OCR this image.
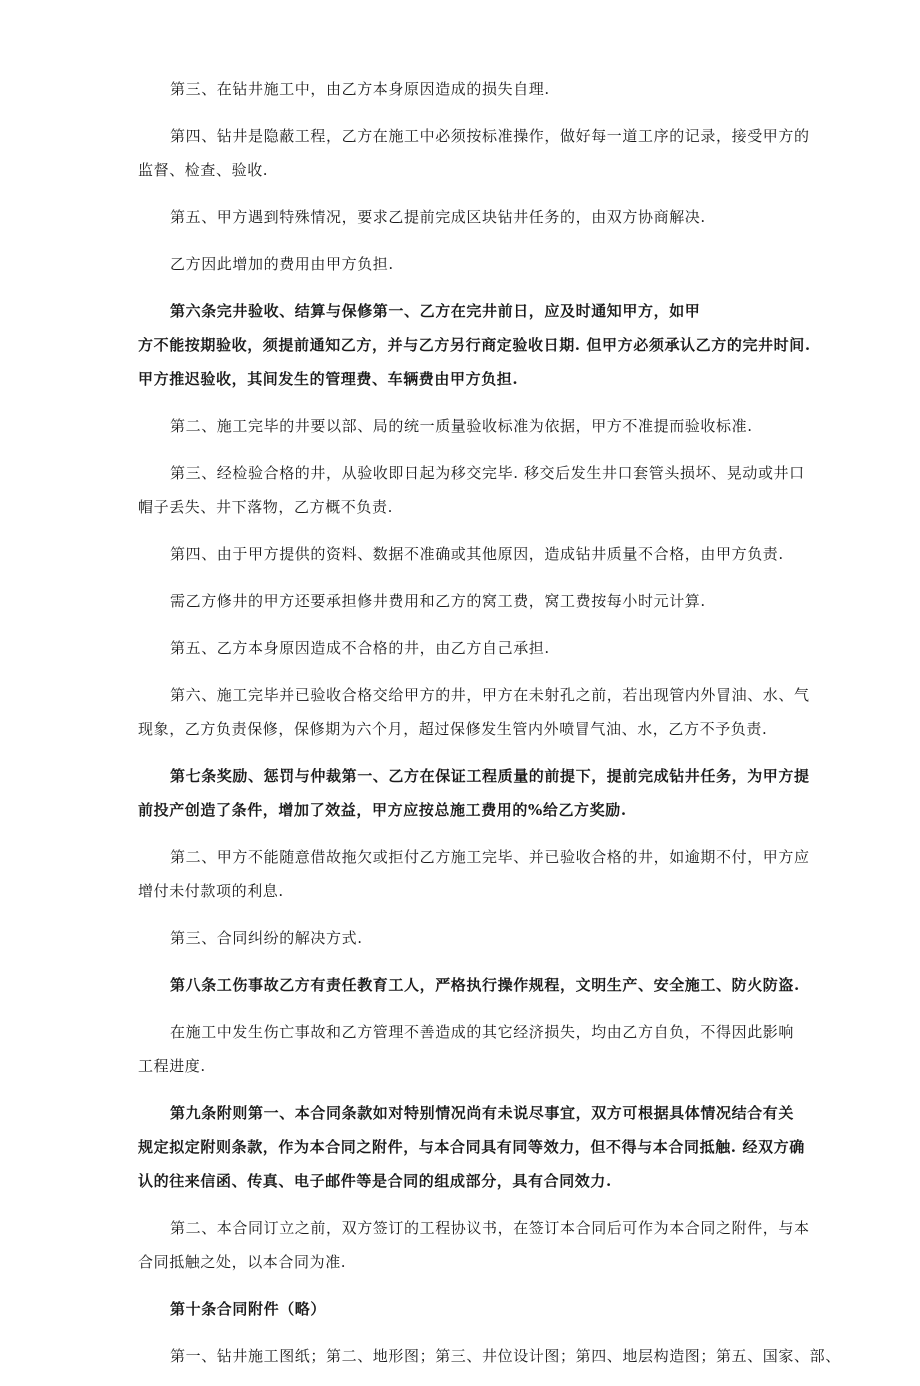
第三、在钻井施工中，由乙方本身原因造成的损失自理.
第四、钻井是隐蔽工程，乙方在施工中必须按标准操作，做好每一道工序的记录，接受甲方的
监督、检查、验收.
第五、甲方遇到特殊情况，要求乙提前完成区块钻井任务的，由双方协商解决.
乙方因此增加的费用由甲方负担.
第六条完井验收、结算与保修第一、乙方在完井前日，应及时通知甲方，如甲
方不能按期验收，须提前通知乙方，并与乙方另行商定验收日期. 但甲方必须承认乙方的完井时间.
甲方推迟验收，其间发生的管理费、车辆费由甲方负担.
第二、施工完毕的井要以部、局的统一质量验收标准为依据，甲方不准提而验收标准.
第三、经检验合格的井，从验收即日起为移交完毕. 移交后发生井口套管头损坏、晃动或井口
帽子丢失、井下落物，乙方概不负责.
第四、由于甲方提供的资料、数据不准确或其他原因，造成钻井质量不合格，由甲方负责.
需乙方修井的甲方还要承担修井费用和乙方的窝工费，窝工费按每小时元计算.
第五、乙方本身原因造成不合格的井，由乙方自己承担.
第六、施工完毕并已验收合格交给甲方的井，甲方在未射孔之前，若出现管内外冒油、水、气
现象，乙方负责保修，保修期为六个月，超过保修发生管内外喷冒气油、水，乙方不予负责.
第七条奖励、惩罚与仲裁第一、乙方在保证工程质量的前提下，提前完成钻井任务，为甲方提
前投产创造了条件，增加了效益，甲方应按总施工费用的%给乙方奖励.
第二、甲方不能随意借故拖欠或拒付乙方施工完毕、并已验收合格的井，如逾期不付，甲方应
增付未付款项的利息.
第三、合同纠纷的解决方式.
第八条工伤事故乙方有责任教育工人，严格执行操作规程，文明生产、安全施工、防火防盗.
在施工中发生伤亡事故和乙方管理不善造成的其它经济损失，均由乙方自负，不得因此影响
工程进度.
第九条附则第一、本合同条款如对特别情况尚有未说尽事宜，双方可根据具体情况结合有关
规定拟定附则条款，作为本合同之附件，与本合同具有同等效力，但不得与本合同抵触. 经双方确
认的往来信函、传真、电子邮件等是合同的组成部分，具有合同效力.
第二、本合同订立之前，双方签订的工程协议书，在签订本合同后可作为本合同之附件，与本
合同抵触之处，以本合同为准.
第十条合同附件（略）
第一、钻井施工图纸；第二、地形图；第三、井位设计图；第四、地层构造图；第五、国家、部、
